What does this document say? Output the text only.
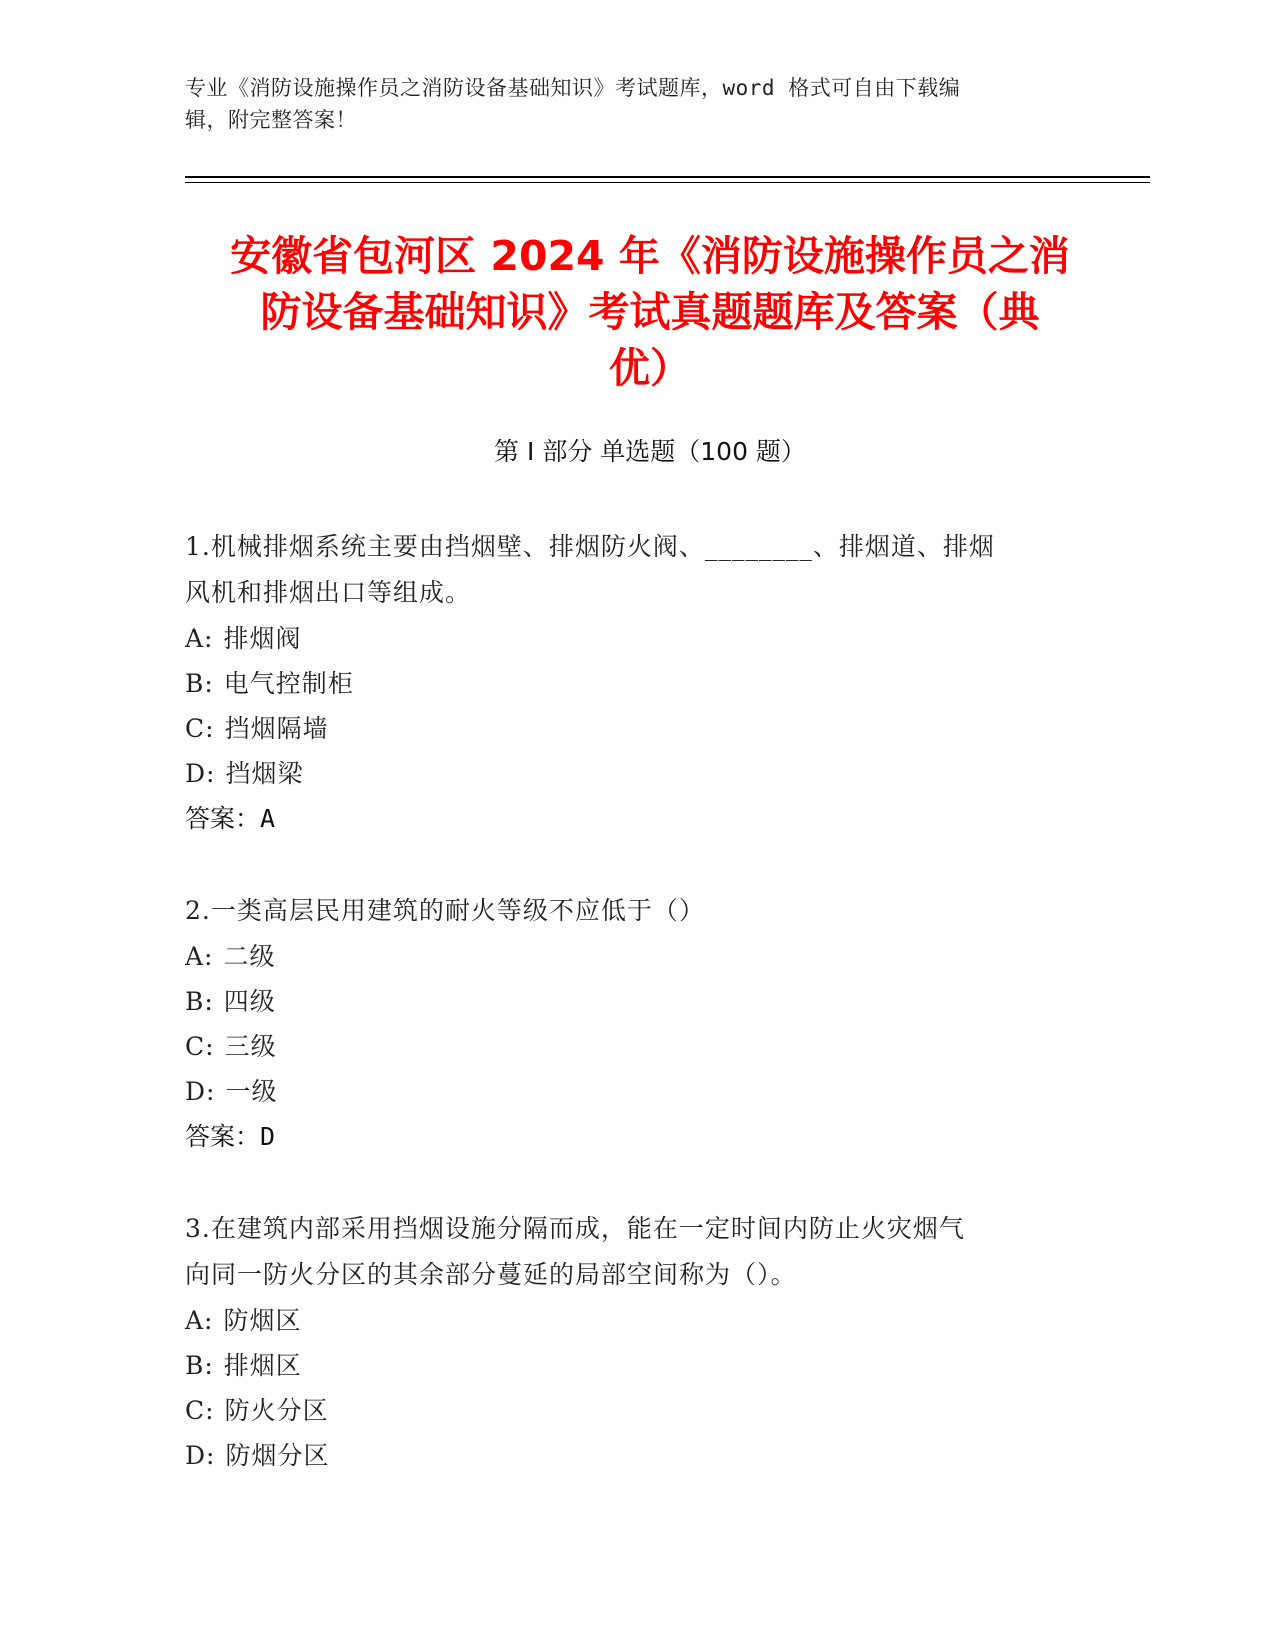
专业《消防设施操作员之消防设备基础知识》考试题库，word 格式可自由下载编
辑，附完整答案！
安徽省包河区 2024 年《消防设施操作员之消
防设备基础知识》考试真题题库及答案（典
优）
第 I 部分 单选题（100 题）
1.机械排烟系统主要由挡烟壁、排烟防火阀、________、排烟道、排烟
风机和排烟出口等组成。
A: 排烟阀
B: 电气控制柜
C: 挡烟隔墙
D: 挡烟梁
答案：A
2.一类高层民用建筑的耐火等级不应低于（）
A: 二级
B: 四级
C: 三级
D: 一级
答案：D
3.在建筑内部采用挡烟设施分隔而成，能在一定时间内防止火灾烟气
向同一防火分区的其余部分蔓延的局部空间称为（）。
A: 防烟区
B: 排烟区
C: 防火分区
D: 防烟分区
